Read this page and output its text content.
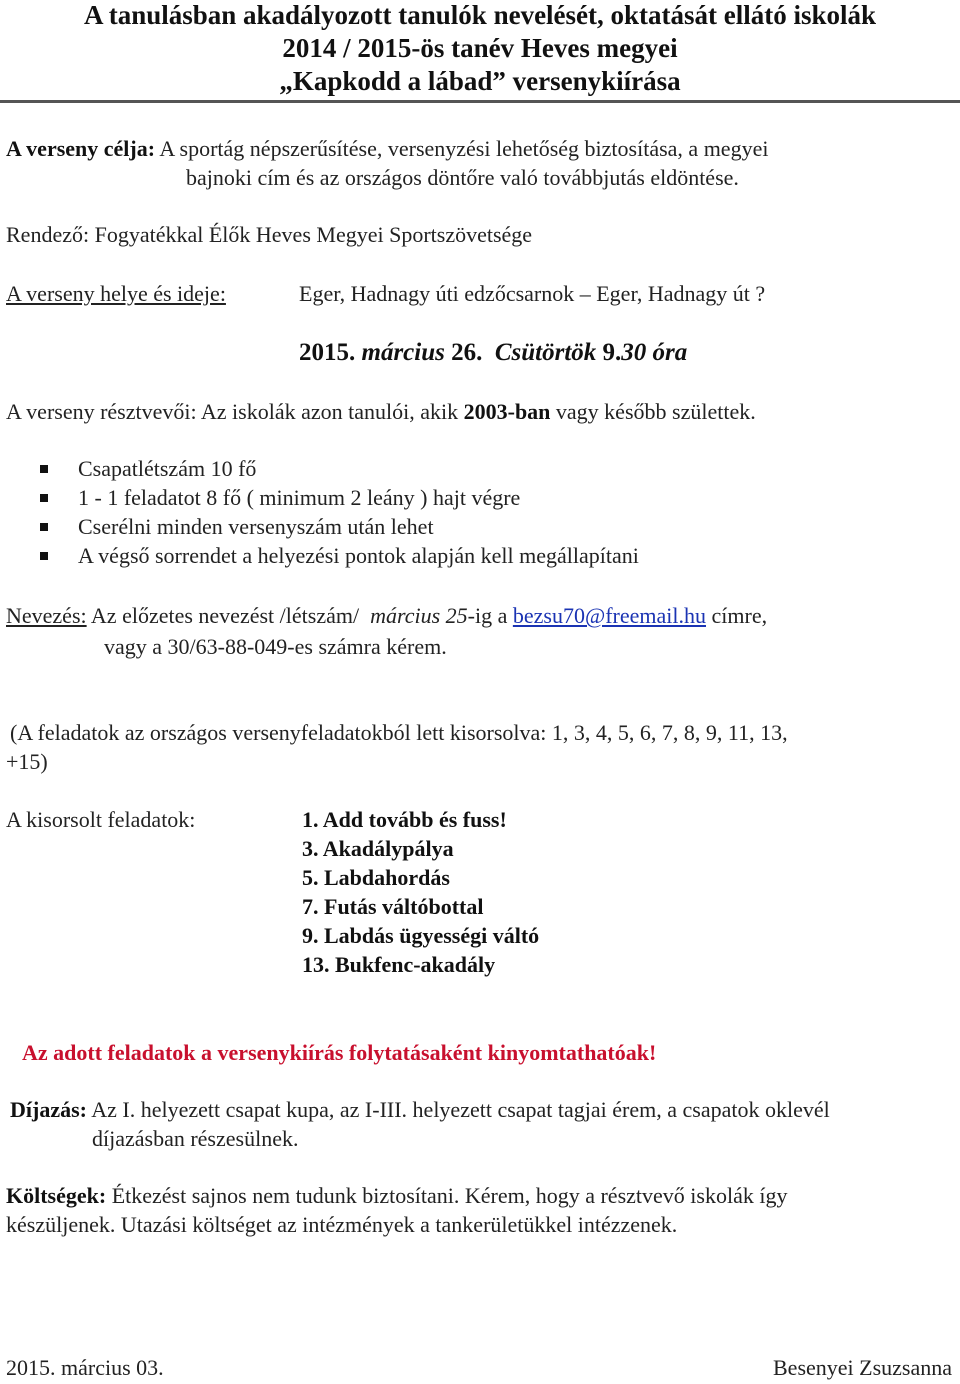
A tanulásban akadályozott tanulók nevelését, oktatását ellátó iskolák
2014 / 2015-ös tanév Heves megyei
„Kapkodd a lábad” versenykiírása
A verseny célja: A sportág népszerűsítése, versenyzési lehetőség biztosítása, a megyei
bajnoki cím és az országos döntőre való továbbjutás eldöntése.
Rendező: Fogyatékkal Élők Heves Megyei Sportszövetsége
A verseny helye és ideje:	Eger, Hadnagy úti edzőcsarnok – Eger, Hadnagy út ?
2015. március 26. Csütörtök 9.30 óra
A verseny résztvevői: Az iskolák azon tanulói, akik 2003-ban vagy később születtek.
Csapatlétszám 10 fő
1 - 1 feladatot 8 fő ( minimum 2 leány ) hajt végre
Cserélni minden versenyszám után lehet
A végső sorrendet a helyezési pontok alapján kell megállapítani
Nevezés: Az előzetes nevezést /létszám/ március 25-ig a bezsu70@freemail.hu címre,
vagy a 30/63-88-049-es számra kérem.
(A feladatok az országos versenyfeladatokból lett kisorsolva: 1, 3, 4, 5, 6, 7, 8, 9, 11, 13,
+15)
A kisorsolt feladatok:	1. Add tovább és fuss!
3. Akadálypálya
5. Labdahordás
7. Futás váltóbottal
9. Labdás ügyességi váltó
13. Bukfenc-akadály
Az adott feladatok a versenykiírás folytatásaként kinyomtathatóak!
Díjazás: Az I. helyezett csapat kupa, az I-III. helyezett csapat tagjai érem, a csapatok oklevél
díjazásban részesülnek.
Költségek: Étkezést sajnos nem tudunk biztosítani. Kérem, hogy a résztvevő iskolák így
készüljenek. Utazási költséget az intézmények a tankerületükkel intézzenek.
2015. március 03.	Besenyei Zsuzsanna
